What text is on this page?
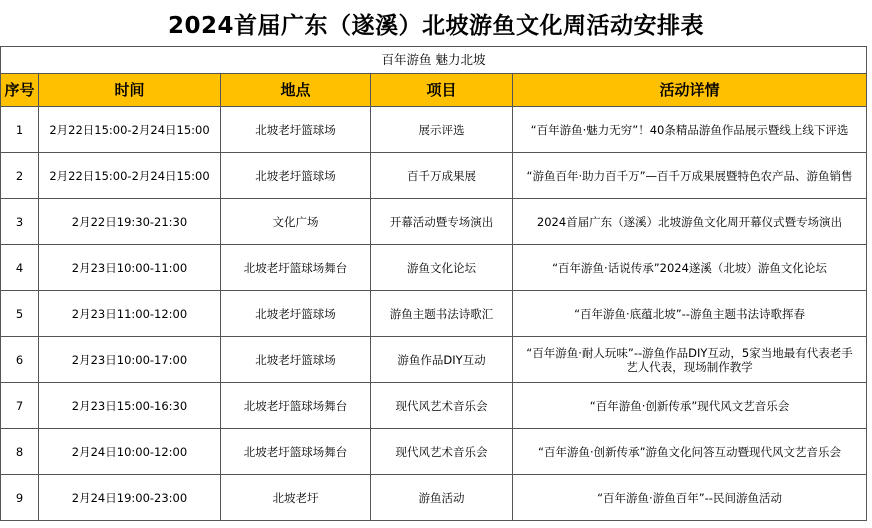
2024首届广东（遂溪）北坡游鱼文化周活动安排表
百年游鱼 魅力北坡				
序号	时间	地点	项目	活动详情
1	2月22日15:00-2月24日15:00	北坡老圩篮球场	展示评选	“百年游鱼·魅力无穷”！40条精品游鱼作品展示暨线上线下评选
2	2月22日15:00-2月24日15:00	北坡老圩篮球场	百千万成果展	“游鱼百年·助力百千万”—百千万成果展暨特色农产品、游鱼销售
3	2月22日19:30-21:30	文化广场	开幕活动暨专场演出	2024首届广东（遂溪）北坡游鱼文化周开幕仪式暨专场演出
4	2月23日10:00-11:00	北坡老圩篮球场舞台	游鱼文化论坛	“百年游鱼·话说传承”2024遂溪（北坡）游鱼文化论坛
5	2月23日11:00-12:00	北坡老圩篮球场	游鱼主题书法诗歌汇	“百年游鱼·底蕴北坡”--游鱼主题书法诗歌挥春
6	2月23日10:00-17:00	北坡老圩篮球场	游鱼作品DIY互动	“百年游鱼·耐人玩味”--游鱼作品DIY互动，5家当地最有代表老手艺人代表，现场制作教学
7	2月23日15:00-16:30	北坡老圩篮球场舞台	现代风艺术音乐会	“百年游鱼·创新传承”现代风文艺音乐会
8	2月24日10:00-12:00	北坡老圩篮球场舞台	现代风艺术音乐会	“百年游鱼·创新传承”游鱼文化问答互动暨现代风文艺音乐会
9	2月24日19:00-23:00	北坡老圩	游鱼活动	“百年游鱼·游鱼百年”--民间游鱼活动
